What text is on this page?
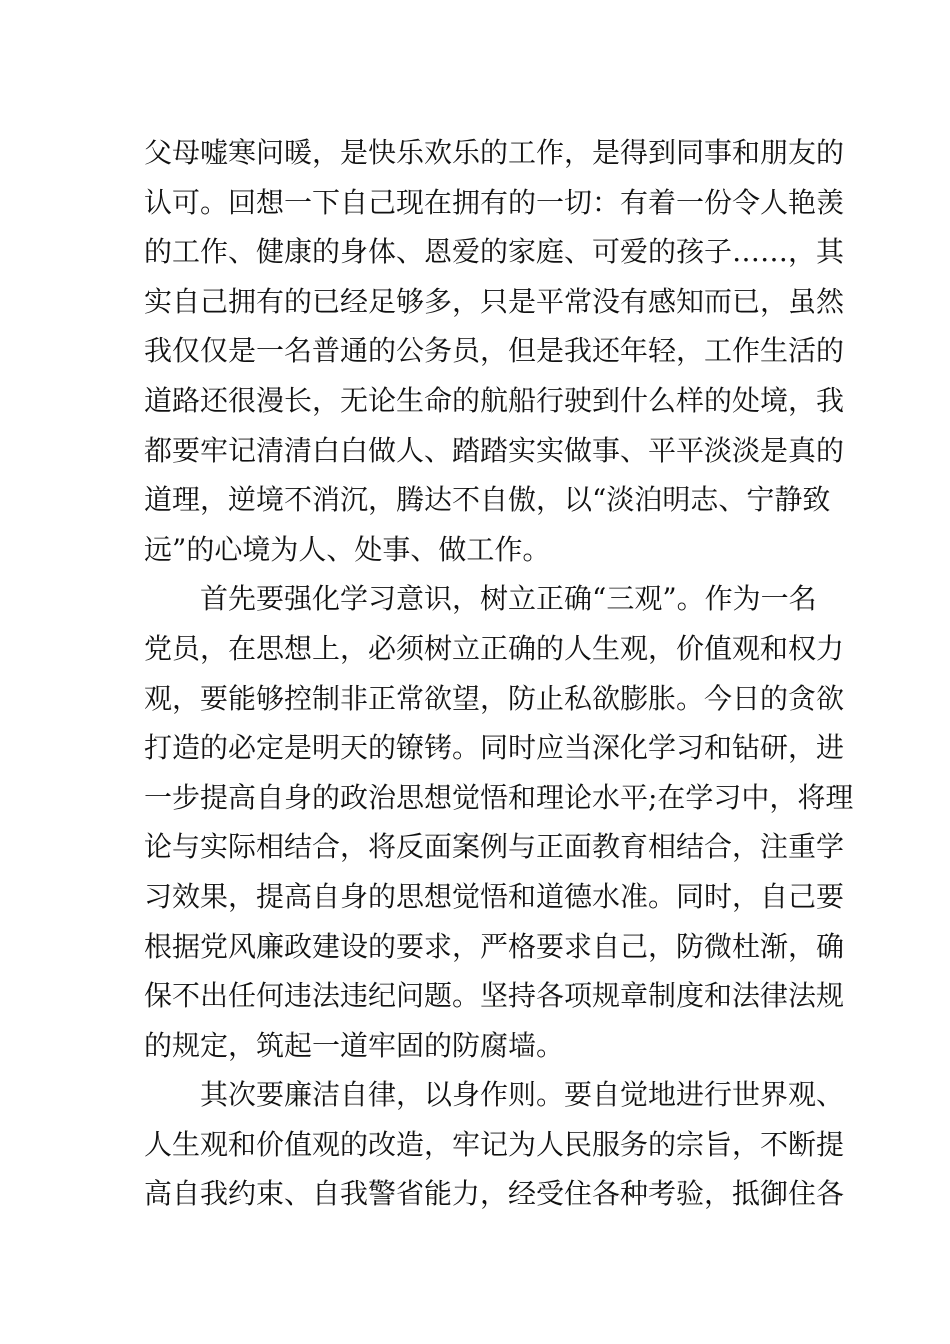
父母嘘寒问暖，是快乐欢乐的工作，是得到同事和朋友的
认可。回想一下自己现在拥有的一切：有着一份令人艳羡
的工作、健康的身体、恩爱的家庭、可爱的孩子……，其
实自己拥有的已经足够多，只是平常没有感知而已，虽然
我仅仅是一名普通的公务员，但是我还年轻，工作生活的
道路还很漫长，无论生命的航船行驶到什么样的处境，我
都要牢记清清白白做人、踏踏实实做事、平平淡淡是真的
道理，逆境不消沉，腾达不自傲，以“淡泊明志、宁静致
远”的心境为人、处事、做工作。
首先要强化学习意识，树立正确“三观”。作为一名
党员，在思想上，必须树立正确的人生观，价值观和权力
观，要能够控制非正常欲望，防止私欲膨胀。今日的贪欲
打造的必定是明天的镣铐。同时应当深化学习和钻研，进
一步提高自身的政治思想觉悟和理论水平;在学习中，将理
论与实际相结合，将反面案例与正面教育相结合，注重学
习效果，提高自身的思想觉悟和道德水准。同时，自己要
根据党风廉政建设的要求，严格要求自己，防微杜渐，确
保不出任何违法违纪问题。坚持各项规章制度和法律法规
的规定，筑起一道牢固的防腐墙。
其次要廉洁自律，以身作则。要自觉地进行世界观、
人生观和价值观的改造，牢记为人民服务的宗旨，不断提
高自我约束、自我警省能力，经受住各种考验，抵御住各
